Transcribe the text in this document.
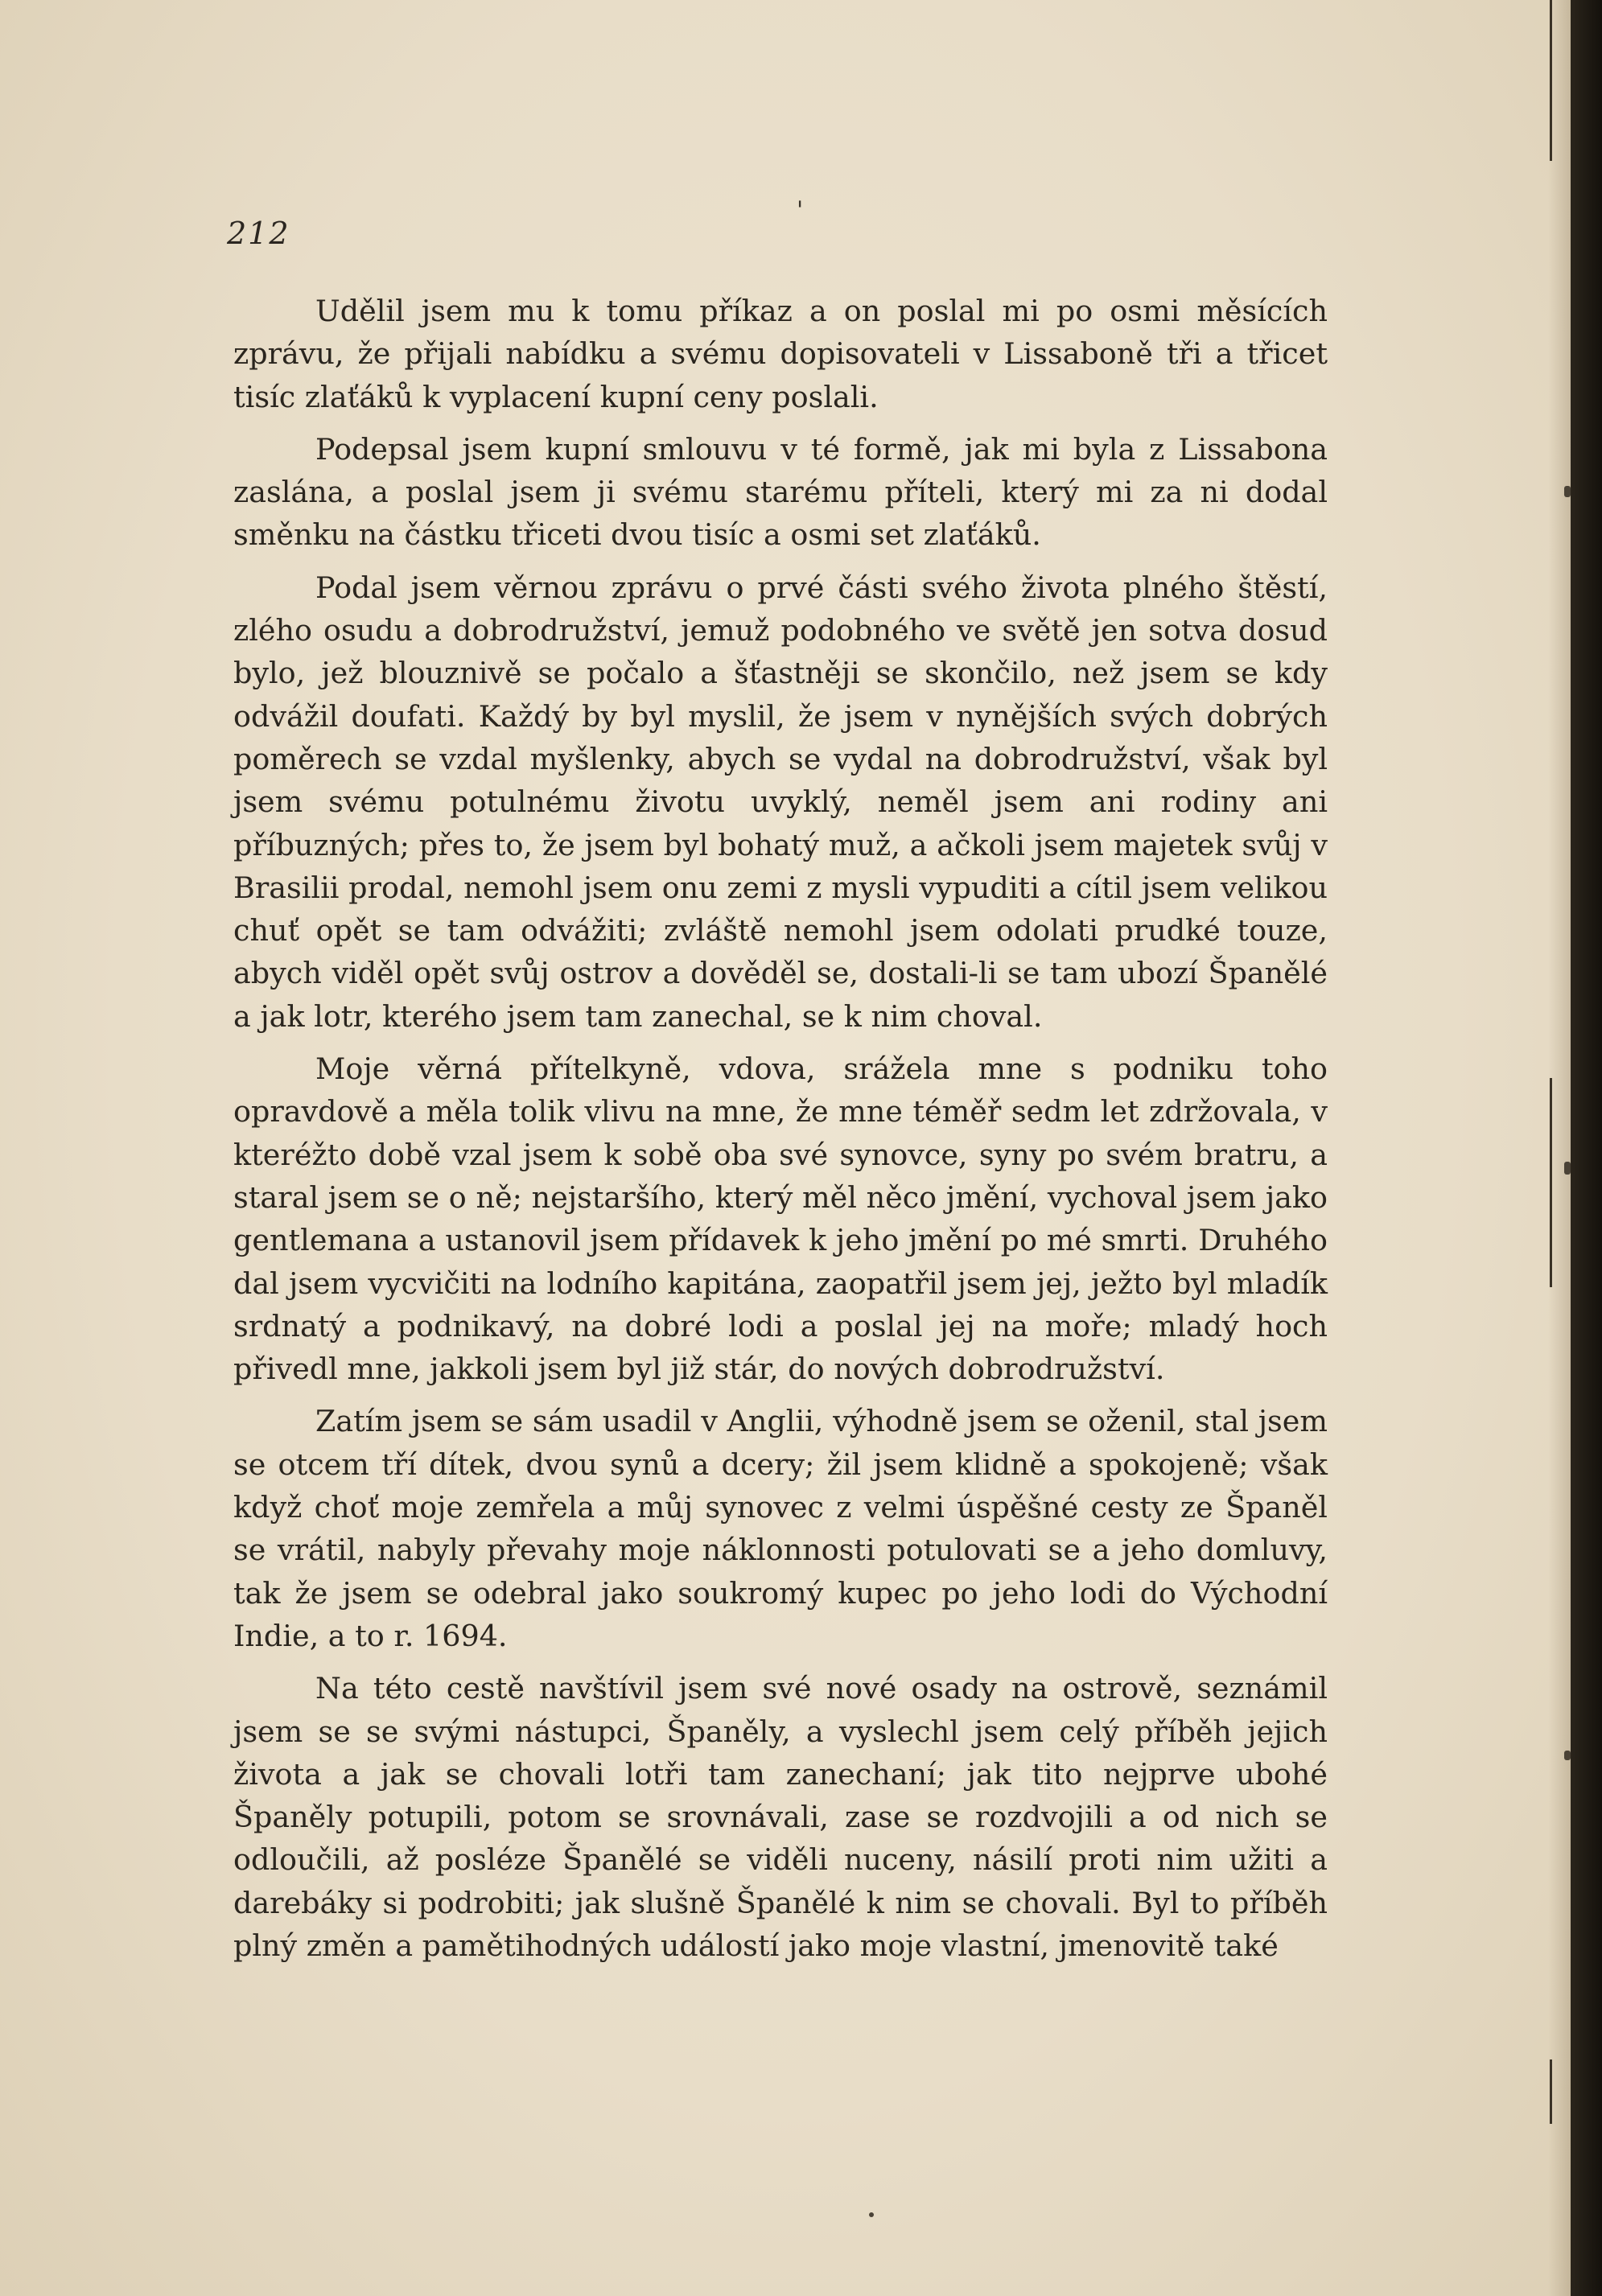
212
'

Udělil jsem mu k tomu příkaz a on poslal mi po osmi měsících zprávu, že přijali nabídku a svému dopisovateli v Lissaboně tři a třicet tisíc zlaťáků k vyplacení kupní ceny poslali.

Podepsal jsem kupní smlouvu v té formě, jak mi byla z Lissabona zaslána, a poslal jsem ji svému starému příteli, který mi za ni dodal směnku na částku třiceti dvou tisíc a osmi set zlaťáků.

Podal jsem věrnou zprávu o prvé části svého života plného štěstí, zlého osudu a dobrodružství, jemuž podobného ve světě jen sotva dosud bylo, jež blouznivě se počalo a šťastněji se skončilo, než jsem se kdy odvážil doufati. Každý by byl myslil, že jsem v nynějších svých dobrých poměrech se vzdal myšlenky, abych se vydal na dobrodružství, však byl jsem svému potulnému životu uvyklý, neměl jsem ani rodiny ani příbuzných; přes to, že jsem byl bohatý muž, a ačkoli jsem majetek svůj v Brasilii prodal, nemohl jsem onu zemi z mysli vypuditi a cítil jsem velikou chuť opět se tam odvážiti; zvláště nemohl jsem odolati prudké touze, abych viděl opět svůj ostrov a dověděl se, dostali-li se tam ubozí Španělé a jak lotr, kterého jsem tam zanechal, se k nim choval.

Moje věrná přítelkyně, vdova, srážela mne s podniku toho opravdově a měla tolik vlivu na mne, že mne téměř sedm let zdržovala, v kteréžto době vzal jsem k sobě oba své synovce, syny po svém bratru, a staral jsem se o ně; nejstaršího, který měl něco jmění, vychoval jsem jako gentlemana a ustanovil jsem přídavek k jeho jmění po mé smrti. Druhého dal jsem vycvičiti na lodního kapitána, zaopatřil jsem jej, ježto byl mladík srdnatý a podnikavý, na dobré lodi a poslal jej na moře; mladý hoch přivedl mne, jakkoli jsem byl již stár, do nových dobrodružství.

Zatím jsem se sám usadil v Anglii, výhodně jsem se oženil, stal jsem se otcem tří dítek, dvou synů a dcery; žil jsem klidně a spokojeně; však když choť moje zemřela a můj synovec z velmi úspěšné cesty ze Španěl se vrátil, nabyly převahy moje náklonnosti potulovati se a jeho domluvy, tak že jsem se odebral jako soukromý kupec po jeho lodi do Východní Indie, a to r. 1694.

Na této cestě navštívil jsem své nové osady na ostrově, seznámil jsem se se svými nástupci, Španěly, a vyslechl jsem celý příběh jejich života a jak se chovali lotři tam zanechaní; jak tito nejprve ubohé Španěly potupili, potom se srovnávali, zase se rozdvojili a od nich se odloučili, až posléze Španělé se viděli nuceny, násilí proti nim užiti a darebáky si podrobiti; jak slušně Španělé k nim se chovali. Byl to příběh plný změn a pamětihodných událostí jako moje vlastní, jmenovitě také
